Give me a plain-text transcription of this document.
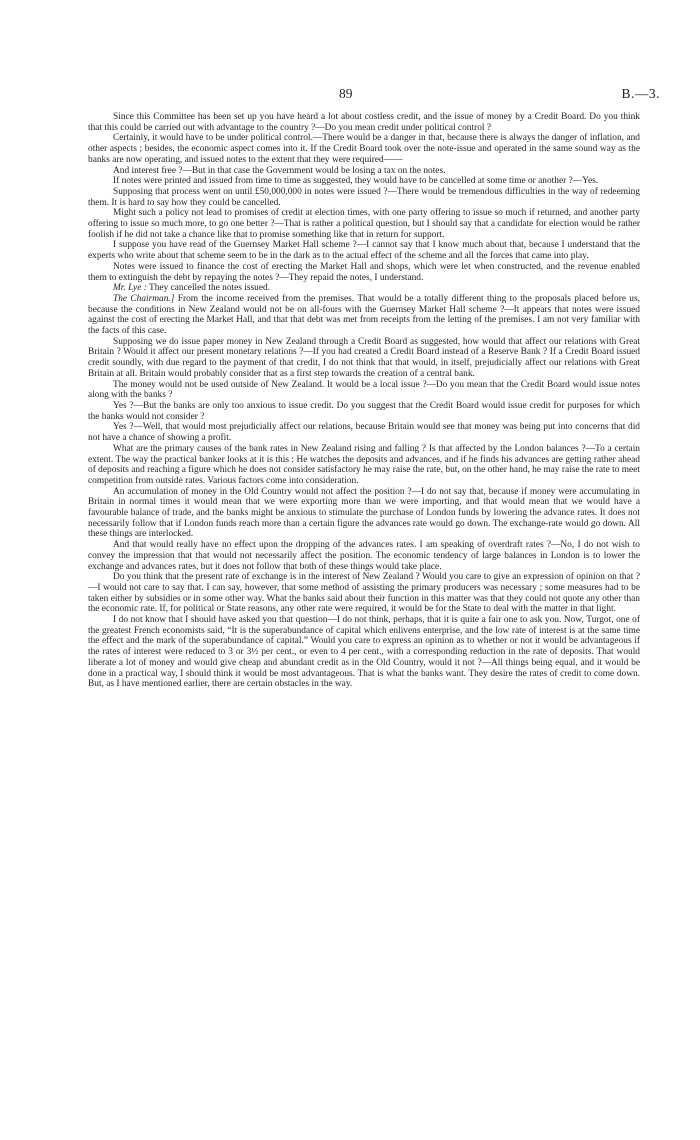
89	B.—3.

Since this Committee has been set up you have heard a lot about costless credit, and the issue of money by a Credit Board. Do you think that this could be carried out with advantage to the country ?—Do you mean credit under political control ?

Certainly, it would have to be under political control.—There would be a danger in that, because there is always the danger of inflation, and other aspects ; besides, the economic aspect comes into it. If the Credit Board took over the note-issue and operated in the same sound way as the banks are now operating, and issued notes to the extent that they were required——

And interest free ?—But in that case the Government would be losing a tax on the notes.

If notes were printed and issued from time to time as suggested, they would have to be cancelled at some time or another ?—Yes.

Supposing that process went on until £50,000,000 in notes were issued ?—There would be tremendous difficulties in the way of redeeming them. It is hard to say how they could be cancelled.

Might such a policy not lead to promises of credit at election times, with one party offering to issue so much if returned, and another party offering to issue so much more, to go one better ?—That is rather a political question, but I should say that a candidate for election would be rather foolish if he did not take a chance like that to promise something like that in return for support.

I suppose you have read of the Guernsey Market Hall scheme ?—I cannot say that I know much about that, because I understand that the experts who write about that scheme seem to be in the dark as to the actual effect of the scheme and all the forces that came into play.

Notes were issued to finance the cost of erecting the Market Hall and shops, which were let when constructed, and the revenue enabled them to extinguish the debt by repaying the notes ?—They repaid the notes, I understand.

Mr. Lye : They cancelled the notes issued.

The Chairman.] From the income received from the premises. That would be a totally different thing to the proposals placed before us, because the conditions in New Zealand would not be on all-fours with the Guernsey Market Hall scheme ?—It appears that notes were issued against the cost of erecting the Market Hall, and that that debt was met from receipts from the letting of the premises. I am not very familiar with the facts of this case.

Supposing we do issue paper money in New Zealand through a Credit Board as suggested, how would that affect our relations with Great Britain ? Would it affect our present monetary relations ?—If you had created a Credit Board instead of a Reserve Bank ? If a Credit Board issued credit soundly, with due regard to the payment of that credit, I do not think that that would, in itself, prejudicially affect our relations with Great Britain at all. Britain would probably consider that as a first step towards the creation of a central bank.

The money would not be used outside of New Zealand. It would be a local issue ?—Do you mean that the Credit Board would issue notes along with the banks ?

Yes ?—But the banks are only too anxious to issue credit. Do you suggest that the Credit Board would issue credit for purposes for which the banks would not consider ?

Yes ?—Well, that would most prejudicially affect our relations, because Britain would see that money was being put into concerns that did not have a chance of showing a profit.

What are the primary causes of the bank rates in New Zealand rising and falling ? Is that affected by the London balances ?—To a certain extent. The way the practical banker looks at it is this : He watches the deposits and advances, and if he finds his advances are getting rather ahead of deposits and reaching a figure which he does not consider satisfactory he may raise the rate, but, on the other hand, he may raise the rate to meet competition from outside rates. Various factors come into consideration.

An accumulation of money in the Old Country would not affect the position ?—I do not say that, because if money were accumulating in Britain in normal times it would mean that we were exporting more than we were importing, and that would mean that we would have a favourable balance of trade, and the banks might be anxious to stimulate the purchase of London funds by lowering the advance rates. It does not necessarily follow that if London funds reach more than a certain figure the advances rate would go down. The exchange-rate would go down. All these things are interlocked.

And that would really have no effect upon the dropping of the advances rates. I am speaking of overdraft rates ?—No, I do not wish to convey the impression that that would not necessarily affect the position. The economic tendency of large balances in London is to lower the exchange and advances rates, but it does not follow that both of these things would take place.

Do you think that the present rate of exchange is in the interest of New Zealand ? Would you care to give an expression of opinion on that ?—I would not care to say that. I can say, however, that some method of assisting the primary producers was necessary ; some measures had to be taken either by subsidies or in some other way. What the banks said about their function in this matter was that they could not quote any other than the economic rate. If, for political or State reasons, any other rate were required, it would be for the State to deal with the matter in that light.

I do not know that I should have asked you that question—I do not think, perhaps, that it is quite a fair one to ask you. Now, Turgot, one of the greatest French economists said, “It is the superabundance of capital which enlivens enterprise, and the low rate of interest is at the same time the effect and the mark of the superabundance of capital.” Would you care to express an opinion as to whether or not it would be advantageous if the rates of interest were reduced to 3 or 3½ per cent., or even to 4 per cent., with a corresponding reduction in the rate of deposits. That would liberate a lot of money and would give cheap and abundant credit as in the Old Country, would it not ?—All things being equal, and it would be done in a practical way, I should think it would be most advantageous. That is what the banks want. They desire the rates of credit to come down. But, as I have mentioned earlier, there are certain obstacles in the way.
